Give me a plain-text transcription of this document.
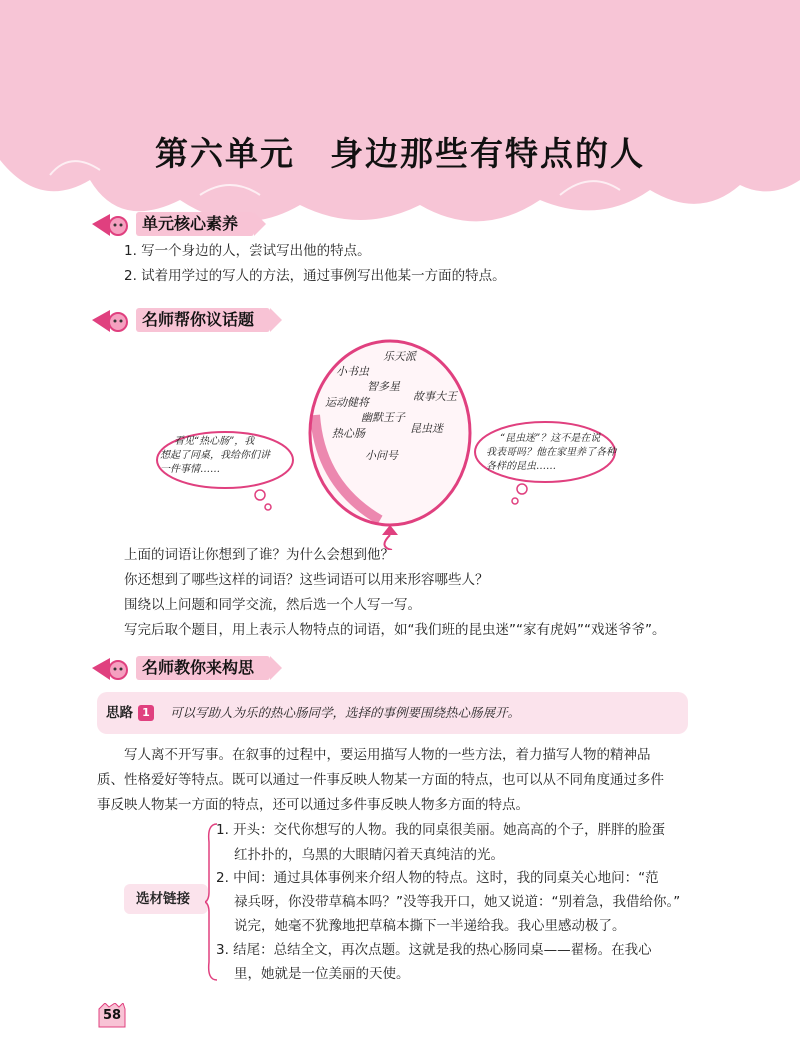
第六单元　身边那些有特点的人
单元核心素养
1. 写一个身边的人，尝试写出他的特点。
2. 试着用学过的写人的方法，通过事例写出他某一方面的特点。
名师帮你议话题
乐天派
小书虫
智多星
故事大王
运动健将
幽默王子
昆虫迷
热心肠
小问号
看见“热心肠”，我
想起了同桌，我给你们讲
一件事情……
“昆虫迷”？这不是在说
我表哥吗？他在家里养了各种
各样的昆虫……
上面的词语让你想到了谁？为什么会想到他？
你还想到了哪些这样的词语？这些词语可以用来形容哪些人？
围绕以上问题和同学交流，然后选一个人写一写。
写完后取个题目，用上表示人物特点的词语，如“我们班的昆虫迷”“家有虎妈”“戏迷爷爷”。
名师教你来构思
思路 1	可以写助人为乐的热心肠同学，选择的事例要围绕热心肠展开。
写人离不开写事。在叙事的过程中，要运用描写人物的一些方法，着力描写人物的精神品
质、性格爱好等特点。既可以通过一件事反映人物某一方面的特点，也可以从不同角度通过多件
事反映人物某一方面的特点，还可以通过多件事反映人物多方面的特点。
选材链接
1. 开头：交代你想写的人物。我的同桌很美丽。她高高的个子，胖胖的脸蛋
红扑扑的，乌黑的大眼睛闪着天真纯洁的光。
2. 中间：通过具体事例来介绍人物的特点。这时，我的同桌关心地问：“范
禄兵呀，你没带草稿本吗？”没等我开口，她又说道：“别着急，我借给你。”
说完，她毫不犹豫地把草稿本撕下一半递给我。我心里感动极了。
3. 结尾：总结全文，再次点题。这就是我的热心肠同桌——翟杨。在我心
里，她就是一位美丽的天使。
58
